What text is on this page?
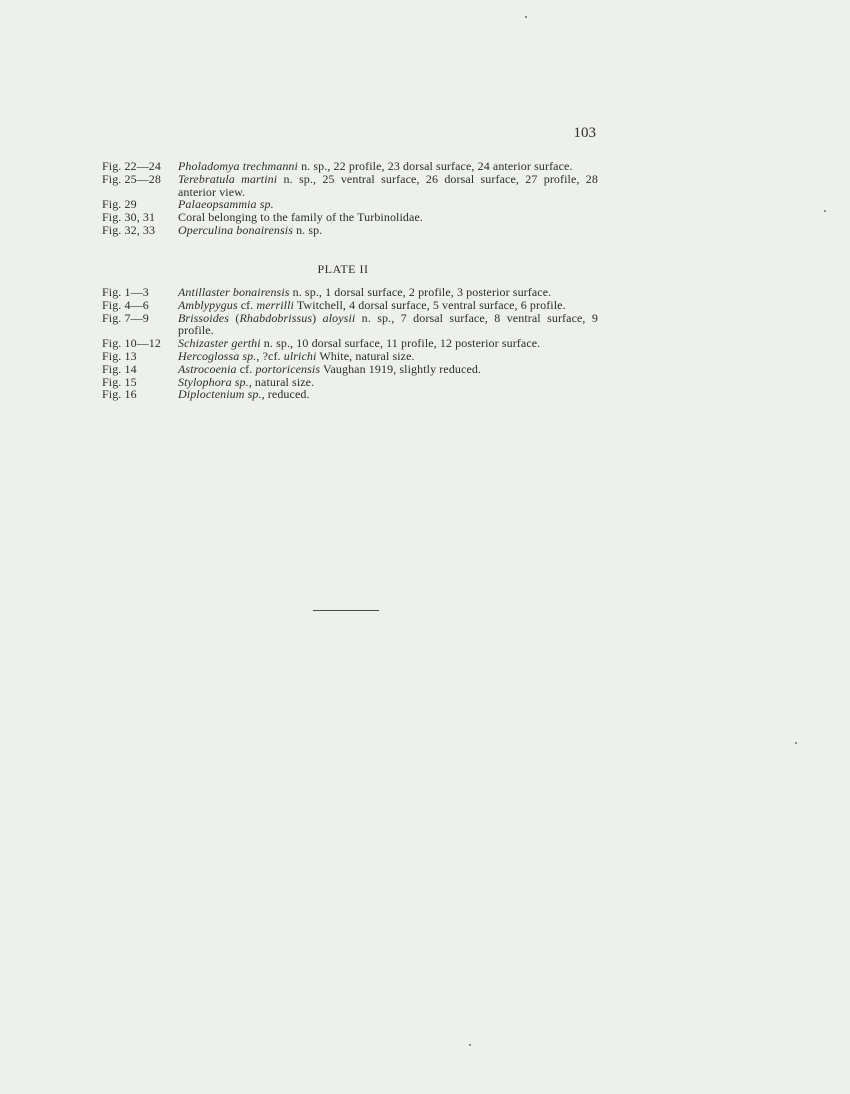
103
Fig. 22—24	Pholadomya trechmanni n. sp., 22 profile, 23 dorsal surface, 24 anterior surface.
Fig. 25—28	Terebratula martini n. sp., 25 ventral surface, 26 dorsal surface, 27 profile, 28 anterior view.
Fig. 29	Palaeopsammia sp.
Fig. 30, 31	Coral belonging to the family of the Turbinolidae.
Fig. 32, 33	Operculina bonairensis n. sp.
PLATE II
Fig. 1—3	Antillaster bonairensis n. sp., 1 dorsal surface, 2 profile, 3 posterior surface.
Fig. 4—6	Amblypygus cf. merrilli Twitchell, 4 dorsal surface, 5 ventral surface, 6 profile.
Fig. 7—9	Brissoides (Rhabdobrissus) aloysii n. sp., 7 dorsal surface, 8 ventral surface, 9 profile.
Fig. 10—12	Schizaster gerthi n. sp., 10 dorsal surface, 11 profile, 12 posterior surface.
Fig. 13	Hercoglossa sp., ?cf. ulrichi White, natural size.
Fig. 14	Astrocoenia cf. portoricensis Vaughan 1919, slightly reduced.
Fig. 15	Stylophora sp., natural size.
Fig. 16	Diploctenium sp., reduced.
